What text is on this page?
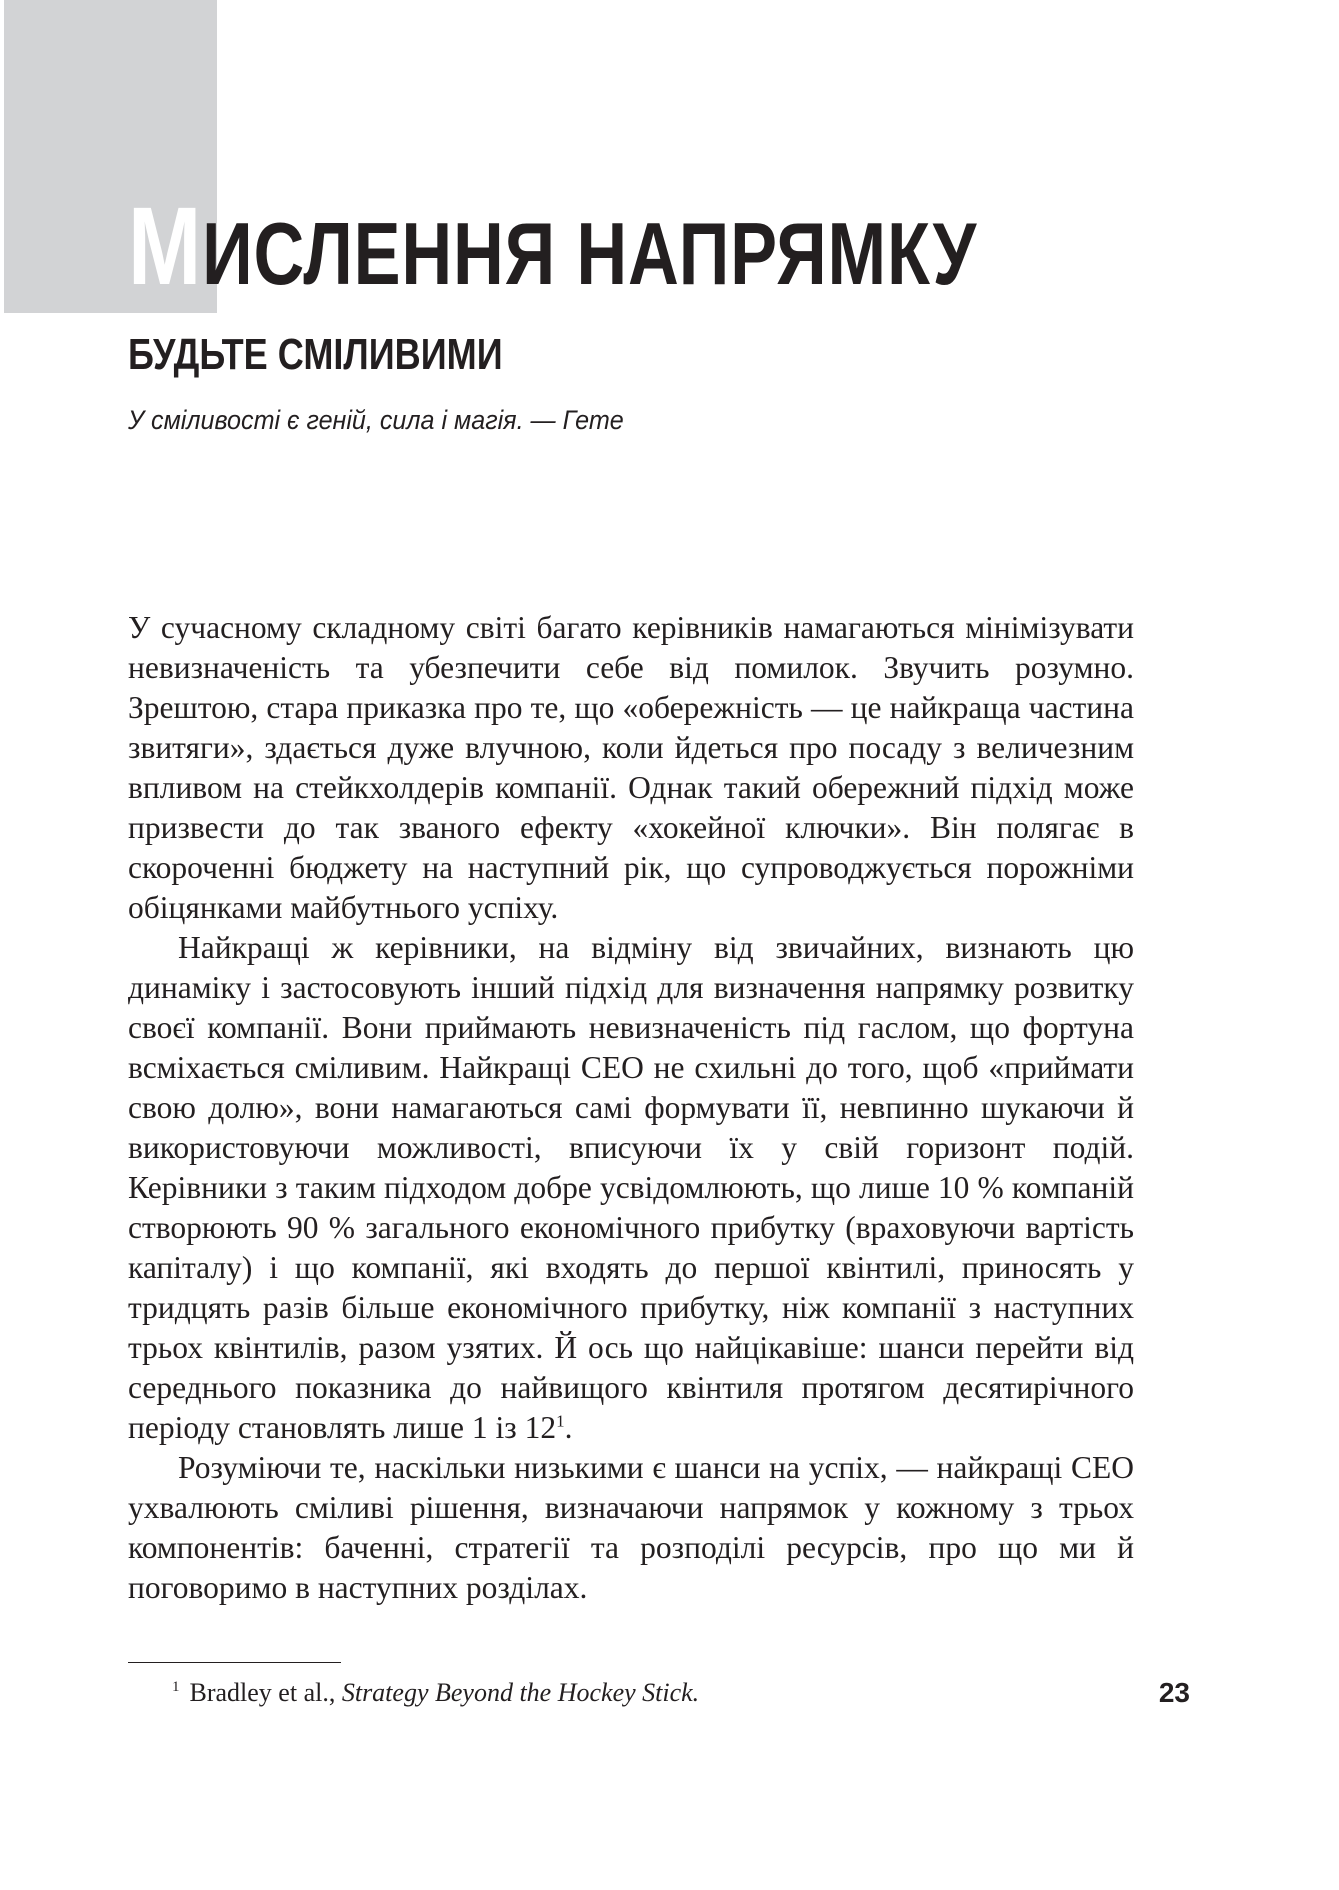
МИСЛЕННЯ НАПРЯМКУ
БУДЬТЕ СМІЛИВИМИ

У сміливості є геній, сила і магія. — Гете

У сучасному складному світі багато керівників намагаються мінімізувати невизначеність та убезпечити себе від помилок. Звучить розумно. Зрештою, стара приказка про те, що «обережність — це найкраща частина звитяги», здається дуже влучною, коли йдеться про посаду з величезним впливом на стейкхолдерів компанії. Однак такий обережний підхід може призвести до так званого ефекту «хокейної ключки». Він полягає в скороченні бюджету на наступний рік, що супроводжується порожніми обіцянками майбутнього успіху.

Найкращі ж керівники, на відміну від звичайних, визнають цю динаміку і застосовують інший підхід для визначення напрямку розвитку своєї компанії. Вони приймають невизначеність під гаслом, що фортуна всміхається сміливим. Найкращі CEO не схильні до того, щоб «приймати свою долю», вони намагаються самі формувати її, невпинно шукаючи й використовуючи можливості, вписуючи їх у свій горизонт подій. Керівники з таким підходом добре усвідомлюють, що лише 10 % компаній створюють 90 % загального економічного прибутку (враховуючи вартість капіталу) і що компанії, які входять до першої квінтилі, приносять у тридцять разів більше економічного прибутку, ніж компанії з наступних трьох квінтилів, разом узятих. Й ось що найцікавіше: шанси перейти від середнього показника до найвищого квінтиля протягом десятирічного періоду становлять лише 1 із 12$^1$.

Розуміючи те, наскільки низькими є шанси на успіх, — найкращі CEO ухвалюють сміливі рішення, визначаючи напрямок у кожному з трьох компонентів: баченні, стратегії та розподілі ресурсів, про що ми й поговоримо в наступних розділах.

$^1$ Bradley et al., Strategy Beyond the Hockey Stick.	23
